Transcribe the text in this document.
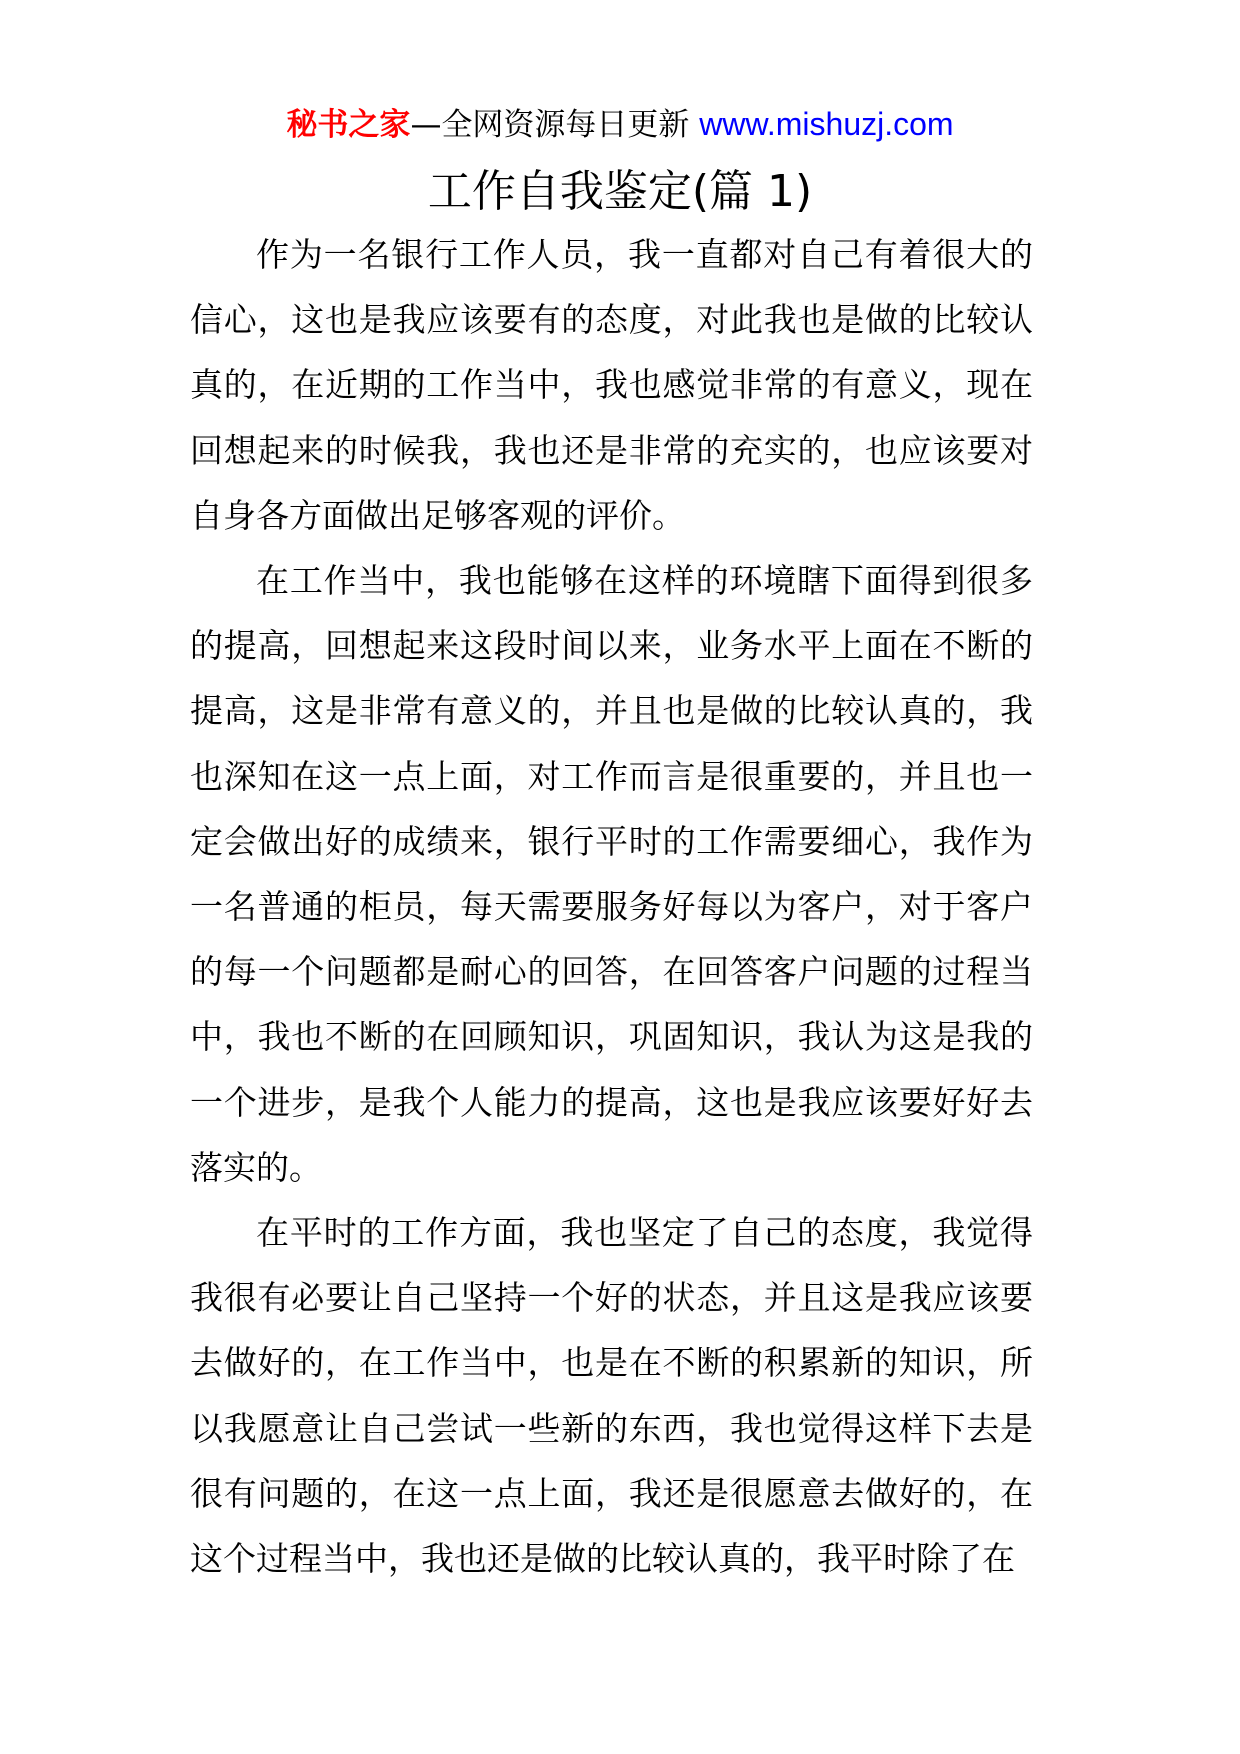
秘书之家—全网资源每日更新 www.mishuzj.com
工作自我鉴定(篇 1)

作为一名银行工作人员，我一直都对自己有着很大的信心，这也是我应该要有的态度，对此我也是做的比较认真的，在近期的工作当中，我也感觉非常的有意义，现在回想起来的时候我，我也还是非常的充实的，也应该要对自身各方面做出足够客观的评价。

在工作当中，我也能够在这样的环境瞎下面得到很多的提高，回想起来这段时间以来，业务水平上面在不断的提高，这是非常有意义的，并且也是做的比较认真的，我也深知在这一点上面，对工作而言是很重要的，并且也一定会做出好的成绩来，银行平时的工作需要细心，我作为一名普通的柜员，每天需要服务好每以为客户，对于客户的每一个问题都是耐心的回答，在回答客户问题的过程当中，我也不断的在回顾知识，巩固知识，我认为这是我的一个进步，是我个人能力的提高，这也是我应该要好好去落实的。

在平时的工作方面，我也坚定了自己的态度，我觉得我很有必要让自己坚持一个好的状态，并且这是我应该要去做好的，在工作当中，也是在不断的积累新的知识，所以我愿意让自己尝试一些新的东西，我也觉得这样下去是很有问题的，在这一点上面，我还是很愿意去做好的，在这个过程当中，我也还是做的比较认真的，我平时除了在
